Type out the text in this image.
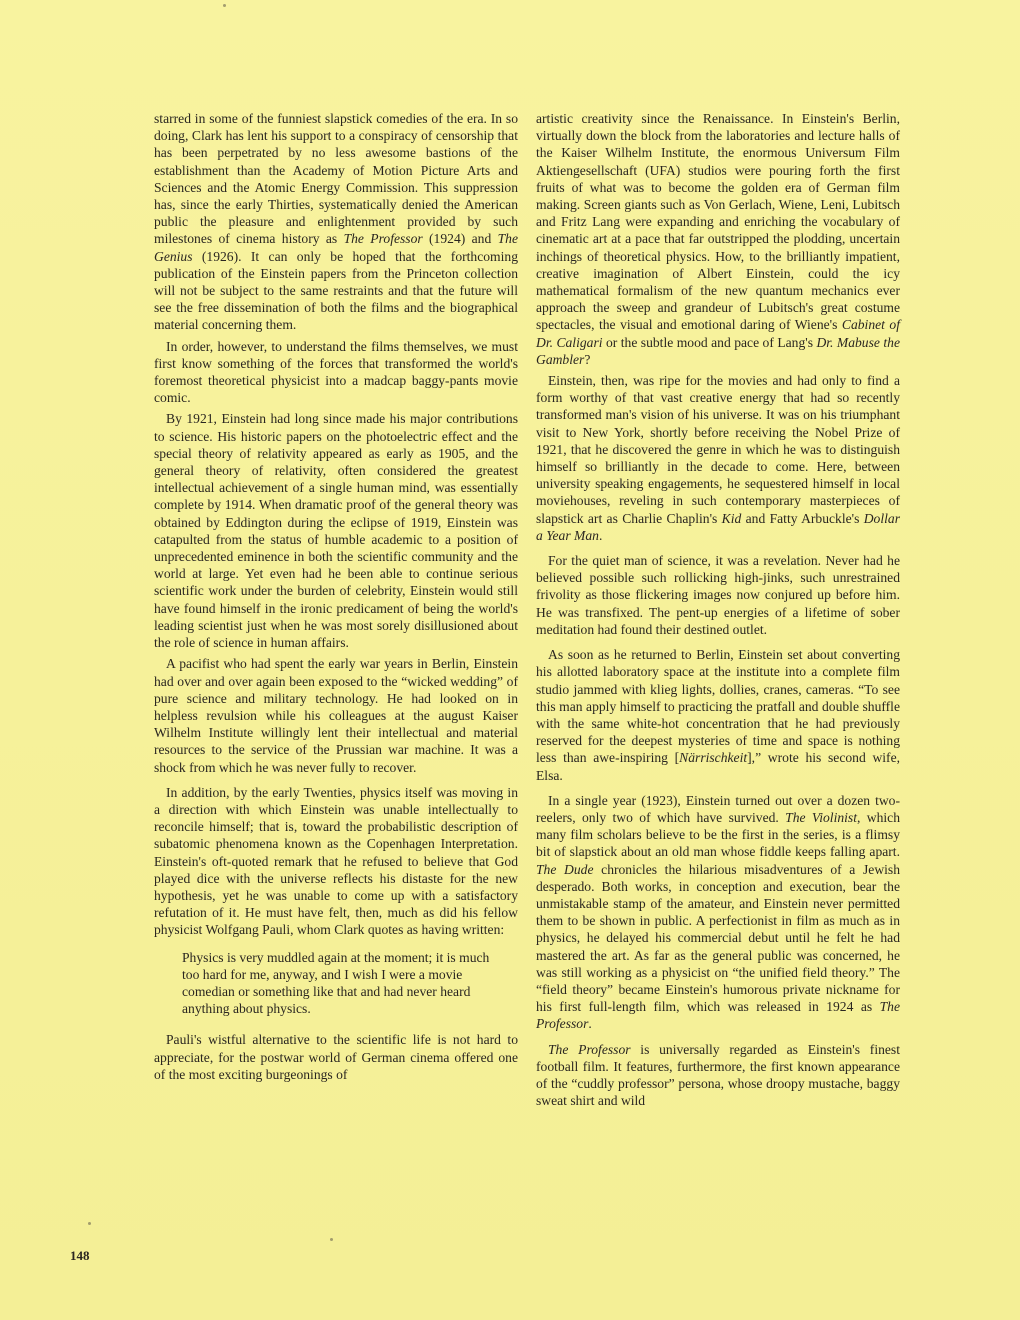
starred in some of the funniest slapstick comedies of the era. In so doing, Clark has lent his support to a conspiracy of censorship that has been perpetrated by no less awesome bastions of the establishment than the Academy of Motion Picture Arts and Sciences and the Atomic Energy Commission. This suppression has, since the early Thirties, systematically denied the American public the pleasure and enlightenment provided by such milestones of cinema history as The Professor (1924) and The Genius (1926). It can only be hoped that the forthcoming publication of the Einstein papers from the Princeton collection will not be subject to the same restraints and that the future will see the free dissemination of both the films and the biographical material concerning them.

In order, however, to understand the films themselves, we must first know something of the forces that transformed the world's foremost theoretical physicist into a madcap baggy-pants movie comic.

By 1921, Einstein had long since made his major contributions to science. His historic papers on the photoelectric effect and the special theory of relativity appeared as early as 1905, and the general theory of relativity, often considered the greatest intellectual achievement of a single human mind, was essentially complete by 1914. When dramatic proof of the general theory was obtained by Eddington during the eclipse of 1919, Einstein was catapulted from the status of humble academic to a position of unprecedented eminence in both the scientific community and the world at large. Yet even had he been able to continue serious scientific work under the burden of celebrity, Einstein would still have found himself in the ironic predicament of being the world's leading scientist just when he was most sorely disillusioned about the role of science in human affairs.

A pacifist who had spent the early war years in Berlin, Einstein had over and over again been exposed to the “wicked wedding” of pure science and military technology. He had looked on in helpless revulsion while his colleagues at the august Kaiser Wilhelm Institute willingly lent their intellectual and material resources to the service of the Prussian war machine. It was a shock from which he was never fully to recover.

In addition, by the early Twenties, physics itself was moving in a direction with which Einstein was unable intellectually to reconcile himself; that is, toward the probabilistic description of subatomic phenomena known as the Copenhagen Interpretation. Einstein's oft-quoted remark that he refused to believe that God played dice with the universe reflects his distaste for the new hypothesis, yet he was unable to come up with a satisfactory refutation of it. He must have felt, then, much as did his fellow physicist Wolfgang Pauli, whom Clark quotes as having written:

Physics is very muddled again at the moment; it is much too hard for me, anyway, and I wish I were a movie comedian or something like that and had never heard anything about physics.

Pauli's wistful alternative to the scientific life is not hard to appreciate, for the postwar world of German cinema offered one of the most exciting burgeonings of

artistic creativity since the Renaissance. In Einstein's Berlin, virtually down the block from the laboratories and lecture halls of the Kaiser Wilhelm Institute, the enormous Universum Film Aktiengesellschaft (UFA) studios were pouring forth the first fruits of what was to become the golden era of German film making. Screen giants such as Von Gerlach, Wiene, Leni, Lubitsch and Fritz Lang were expanding and enriching the vocabulary of cinematic art at a pace that far outstripped the plodding, uncertain inchings of theoretical physics. How, to the brilliantly impatient, creative imagination of Albert Einstein, could the icy mathematical formalism of the new quantum mechanics ever approach the sweep and grandeur of Lubitsch's great costume spectacles, the visual and emotional daring of Wiene's Cabinet of Dr. Caligari or the subtle mood and pace of Lang's Dr. Mabuse the Gambler?

Einstein, then, was ripe for the movies and had only to find a form worthy of that vast creative energy that had so recently transformed man's vision of his universe. It was on his triumphant visit to New York, shortly before receiving the Nobel Prize of 1921, that he discovered the genre in which he was to distinguish himself so brilliantly in the decade to come. Here, between university speaking engagements, he sequestered himself in local moviehouses, reveling in such contemporary masterpieces of slapstick art as Charlie Chaplin's Kid and Fatty Arbuckle's Dollar a Year Man.

For the quiet man of science, it was a revelation. Never had he believed possible such rollicking high-jinks, such unrestrained frivolity as those flickering images now conjured up before him. He was transfixed. The pent-up energies of a lifetime of sober meditation had found their destined outlet.

As soon as he returned to Berlin, Einstein set about converting his allotted laboratory space at the institute into a complete film studio jammed with klieg lights, dollies, cranes, cameras. “To see this man apply himself to practicing the pratfall and double shuffle with the same white-hot concentration that he had previously reserved for the deepest mysteries of time and space is nothing less than awe-inspiring [Närrischkeit],” wrote his second wife, Elsa.

In a single year (1923), Einstein turned out over a dozen two-reelers, only two of which have survived. The Violinist, which many film scholars believe to be the first in the series, is a flimsy bit of slapstick about an old man whose fiddle keeps falling apart. The Dude chronicles the hilarious misadventures of a Jewish desperado. Both works, in conception and execution, bear the unmistakable stamp of the amateur, and Einstein never permitted them to be shown in public. A perfectionist in film as much as in physics, he delayed his commercial debut until he felt he had mastered the art. As far as the general public was concerned, he was still working as a physicist on “the unified field theory.” The “field theory” became Einstein's humorous private nickname for his first full-length film, which was released in 1924 as The Professor.

The Professor is universally regarded as Einstein's finest football film. It features, furthermore, the first known appearance of the “cuddly professor” persona, whose droopy mustache, baggy sweat shirt and wild

148
